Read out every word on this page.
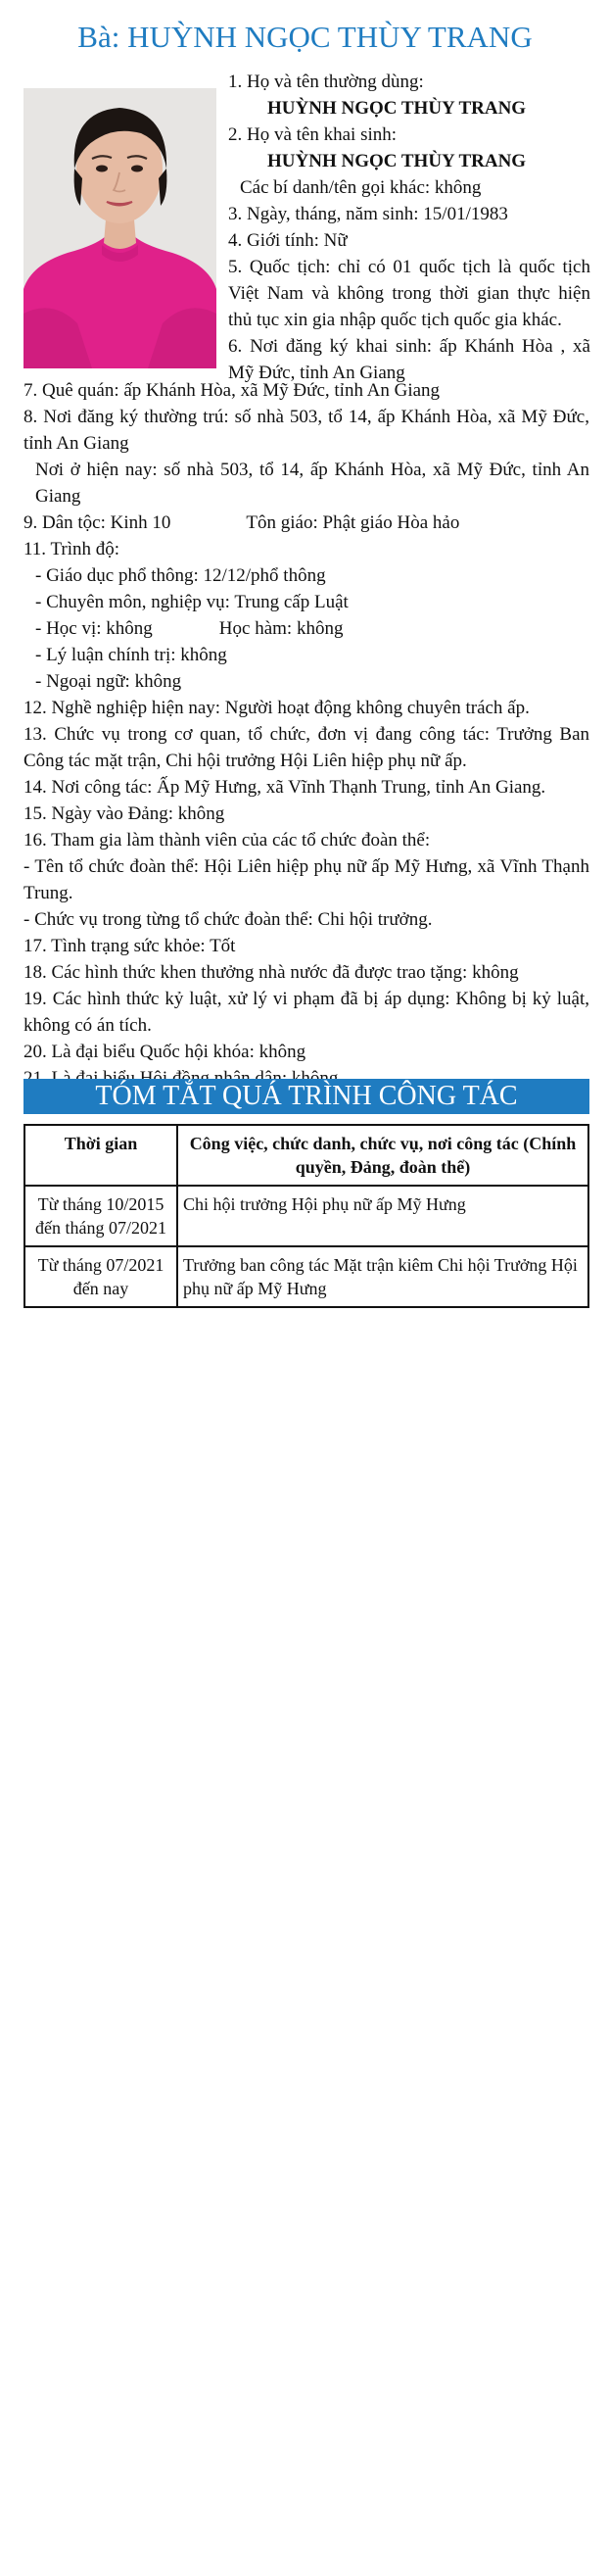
Bà: HUỲNH NGỌC THÙY TRANG
1. Họ và tên thường dùng:
HUỲNH NGỌC THÙY TRANG
2. Họ và tên khai sinh:
HUỲNH NGỌC THÙY TRANG
Các bí danh/tên gọi khác: không
3. Ngày, tháng, năm sinh: 15/01/1983
4. Giới tính: Nữ
5. Quốc tịch: chỉ có 01 quốc tịch là quốc tịch Việt Nam và không trong thời gian thực hiện thủ tục xin gia nhập quốc tịch quốc gia khác.
6. Nơi đăng ký khai sinh: ấp Khánh Hòa , xã Mỹ Đức, tỉnh An Giang
7. Quê quán: ấp Khánh Hòa, xã Mỹ Đức, tỉnh An Giang
8. Nơi đăng ký thường trú: số nhà 503, tổ 14, ấp Khánh Hòa, xã Mỹ Đức, tỉnh An Giang
Nơi ở hiện nay: số nhà 503, tổ 14, ấp Khánh Hòa, xã Mỹ Đức, tỉnh An Giang
9. Dân tộc: Kinh 10	Tôn giáo: Phật giáo Hòa hảo
11. Trình độ:
- Giáo dục phổ thông: 12/12/phổ thông
- Chuyên môn, nghiệp vụ: Trung cấp Luật
- Học vị: không	Học hàm: không
- Lý luận chính trị: không
- Ngoại ngữ: không
12. Nghề nghiệp hiện nay: Người hoạt động không chuyên trách ấp.
13. Chức vụ trong cơ quan, tổ chức, đơn vị đang công tác: Trưởng Ban Công tác mặt trận, Chi hội trưởng Hội Liên hiệp phụ nữ ấp.
14. Nơi công tác: Ấp Mỹ Hưng, xã Vĩnh Thạnh Trung, tỉnh An Giang.
15. Ngày vào Đảng: không
16. Tham gia làm thành viên của các tổ chức đoàn thể:
- Tên tổ chức đoàn thể: Hội Liên hiệp phụ nữ ấp Mỹ Hưng, xã Vĩnh Thạnh Trung.
- Chức vụ trong từng tổ chức đoàn thể: Chi hội trưởng.
17. Tình trạng sức khỏe: Tốt
18. Các hình thức khen thưởng nhà nước đã được trao tặng: không
19. Các hình thức kỷ luật, xử lý vi phạm đã bị áp dụng: Không bị kỷ luật, không có án tích.
20. Là đại biểu Quốc hội khóa: không
TÓM TẮT QUÁ TRÌNH CÔNG TÁC
Thời gian	Công việc, chức danh, chức vụ, nơi công tác (Chính quyền, Đảng, đoàn thể)
Từ tháng 10/2015 đến tháng 07/2021	Chi hội trưởng Hội phụ nữ ấp Mỹ Hưng
Từ tháng 07/2021 đến nay	Trưởng ban công tác Mặt trận kiêm Chi hội Trưởng Hội phụ nữ ấp Mỹ Hưng
